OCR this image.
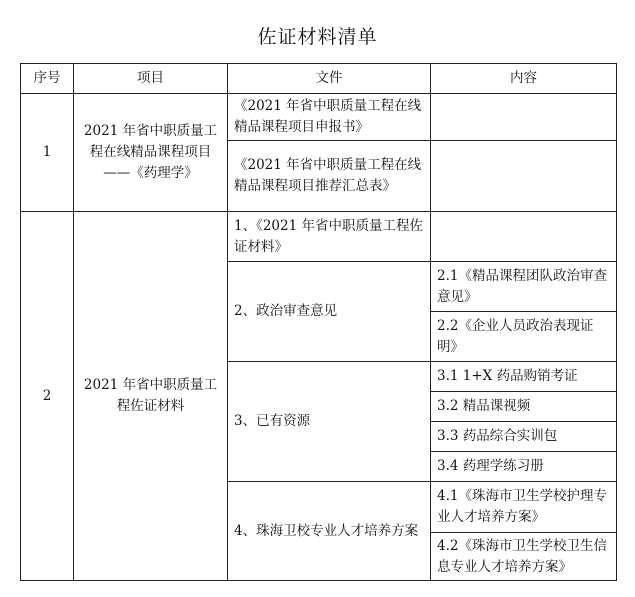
佐证材料清单
序号	项目	文件	内容
1	2021 年省中职质量工程在线精品课程项目——《药理学》	《2021 年省中职质量工程在线精品课程项目申报书》	
		《2021 年省中职质量工程在线精品课程项目推荐汇总表》	
2	2021 年省中职质量工程佐证材料	1、《2021 年省中职质量工程佐证材料》	
		2、政治审查意见	2.1《精品课程团队政治审查意见》
			2.2《企业人员政治表现证明》
		3、已有资源	3.1 1+X 药品购销考证
			3.2 精品课视频
			3.3 药品综合实训包
			3.4 药理学练习册
		4、珠海卫校专业人才培养方案	4.1《珠海市卫生学校护理专业人才培养方案》
			4.2《珠海市卫生学校卫生信息专业人才培养方案》
